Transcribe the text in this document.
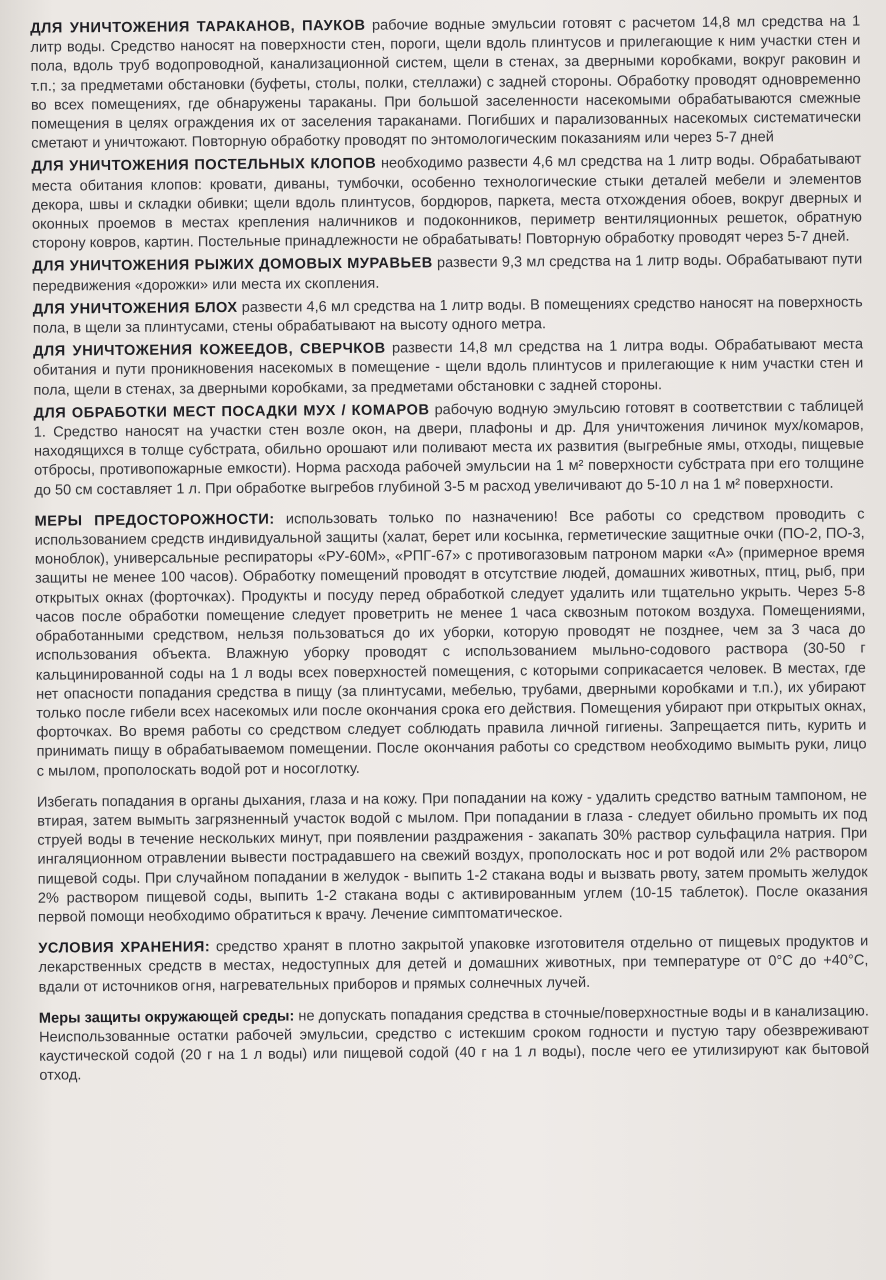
ДЛЯ УНИЧТОЖЕНИЯ ТАРАКАНОВ, ПАУКОВ рабочие водные эмульсии готовят с расчетом 14,8 мл средства на 1 литр воды. Средство наносят на поверхности стен, пороги, щели вдоль плинтусов и прилегающие к ним участки стен и пола, вдоль труб водопроводной, канализационной систем, щели в стенах, за дверными коробками, вокруг раковин и т.п.; за предметами обстановки (буфеты, столы, полки, стеллажи) с задней стороны. Обработку проводят одновременно во всех помещениях, где обнаружены тараканы. При большой заселенности насекомыми обрабатываются смежные помещения в целях ограждения их от заселения тараканами. Погибших и парализованных насекомых систематически сметают и уничтожают. Повторную обработку проводят по энтомологическим показаниям или через 5-7 дней

ДЛЯ УНИЧТОЖЕНИЯ ПОСТЕЛЬНЫХ КЛОПОВ необходимо развести 4,6 мл средства на 1 литр воды. Обрабатывают места обитания клопов: кровати, диваны, тумбочки, особенно технологические стыки деталей мебели и элементов декора, швы и складки обивки; щели вдоль плинтусов, бордюров, паркета, места отхождения обоев, вокруг дверных и оконных проемов в местах крепления наличников и подоконников, периметр вентиляционных решеток, обратную сторону ковров, картин. Постельные принадлежности не обрабатывать! Повторную обработку проводят через 5-7 дней.

ДЛЯ УНИЧТОЖЕНИЯ РЫЖИХ ДОМОВЫХ МУРАВЬЕВ развести 9,3 мл средства на 1 литр воды. Обрабатывают пути передвижения «дорожки» или места их скопления.

ДЛЯ УНИЧТОЖЕНИЯ БЛОХ развести 4,6 мл средства на 1 литр воды. В помещениях средство наносят на поверхность пола, в щели за плинтусами, стены обрабатывают на высоту одного метра.

ДЛЯ УНИЧТОЖЕНИЯ КОЖЕЕДОВ, СВЕРЧКОВ развести 14,8 мл средства на 1 литра воды. Обрабатывают места обитания и пути проникновения насекомых в помещение - щели вдоль плинтусов и прилегающие к ним участки стен и пола, щели в стенах, за дверными коробками, за предметами обстановки с задней стороны.

ДЛЯ ОБРАБОТКИ МЕСТ ПОСАДКИ МУХ / КОМАРОВ рабочую водную эмульсию готовят в соответствии с таблицей 1. Средство наносят на участки стен возле окон, на двери, плафоны и др. Для уничтожения личинок мух/комаров, находящихся в толще субстрата, обильно орошают или поливают места их развития (выгребные ямы, отходы, пищевые отбросы, противопожарные емкости). Норма расхода рабочей эмульсии на 1 м² поверхности субстрата при его толщине до 50 см составляет 1 л. При обработке выгребов глубиной 3-5 м расход увеличивают до 5-10 л на 1 м² поверхности.

МЕРЫ ПРЕДОСТОРОЖНОСТИ: использовать только по назначению! Все работы со средством проводить с использованием средств индивидуальной защиты (халат, берет или косынка, герметические защитные очки (ПО-2, ПО-3, моноблок), универсальные респираторы «РУ-60М», «РПГ-67» с противогазовым патроном марки «А» (примерное время защиты не менее 100 часов). Обработку помещений проводят в отсутствие людей, домашних животных, птиц, рыб, при открытых окнах (форточках). Продукты и посуду перед обработкой следует удалить или тщательно укрыть. Через 5-8 часов после обработки помещение следует проветрить не менее 1 часа сквозным потоком воздуха. Помещениями, обработанными средством, нельзя пользоваться до их уборки, которую проводят не позднее, чем за 3 часа до использования объекта. Влажную уборку проводят с использованием мыльно-содового раствора (30-50 г кальцинированной соды на 1 л воды всех поверхностей помещения, с которыми соприкасается человек. В местах, где нет опасности попадания средства в пищу (за плинтусами, мебелью, трубами, дверными коробками и т.п.), их убирают только после гибели всех насекомых или после окончания срока его действия. Помещения убирают при открытых окнах, форточках. Во время работы со средством следует соблюдать правила личной гигиены. Запрещается пить, курить и принимать пищу в обрабатываемом помещении. После окончания работы со средством необходимо вымыть руки, лицо с мылом, прополоскать водой рот и носоглотку.

Избегать попадания в органы дыхания, глаза и на кожу. При попадании на кожу - удалить средство ватным тампоном, не втирая, затем вымыть загрязненный участок водой с мылом. При попадании в глаза - следует обильно промыть их под струей воды в течение нескольких минут, при появлении раздражения - закапать 30% раствор сульфацила натрия. При ингаляционном отравлении вывести пострадавшего на свежий воздух, прополоскать нос и рот водой или 2% раствором пищевой соды. При случайном попадании в желудок - выпить 1-2 стакана воды и вызвать рвоту, затем промыть желудок 2% раствором пищевой соды, выпить 1-2 стакана воды с активированным углем (10-15 таблеток). После оказания первой помощи необходимо обратиться к врачу. Лечение симптоматическое.

УСЛОВИЯ ХРАНЕНИЯ: средство хранят в плотно закрытой упаковке изготовителя отдельно от пищевых продуктов и лекарственных средств в местах, недоступных для детей и домашних животных, при температуре от 0°С до +40°С, вдали от источников огня, нагревательных приборов и прямых солнечных лучей.

Меры защиты окружающей среды: не допускать попадания средства в сточные/поверхностные воды и в канализацию. Неиспользованные остатки рабочей эмульсии, средство с истекшим сроком годности и пустую тару обезвреживают каустической содой (20 г на 1 л воды) или пищевой содой (40 г на 1 л воды), после чего ее утилизируют как бытовой отход.
